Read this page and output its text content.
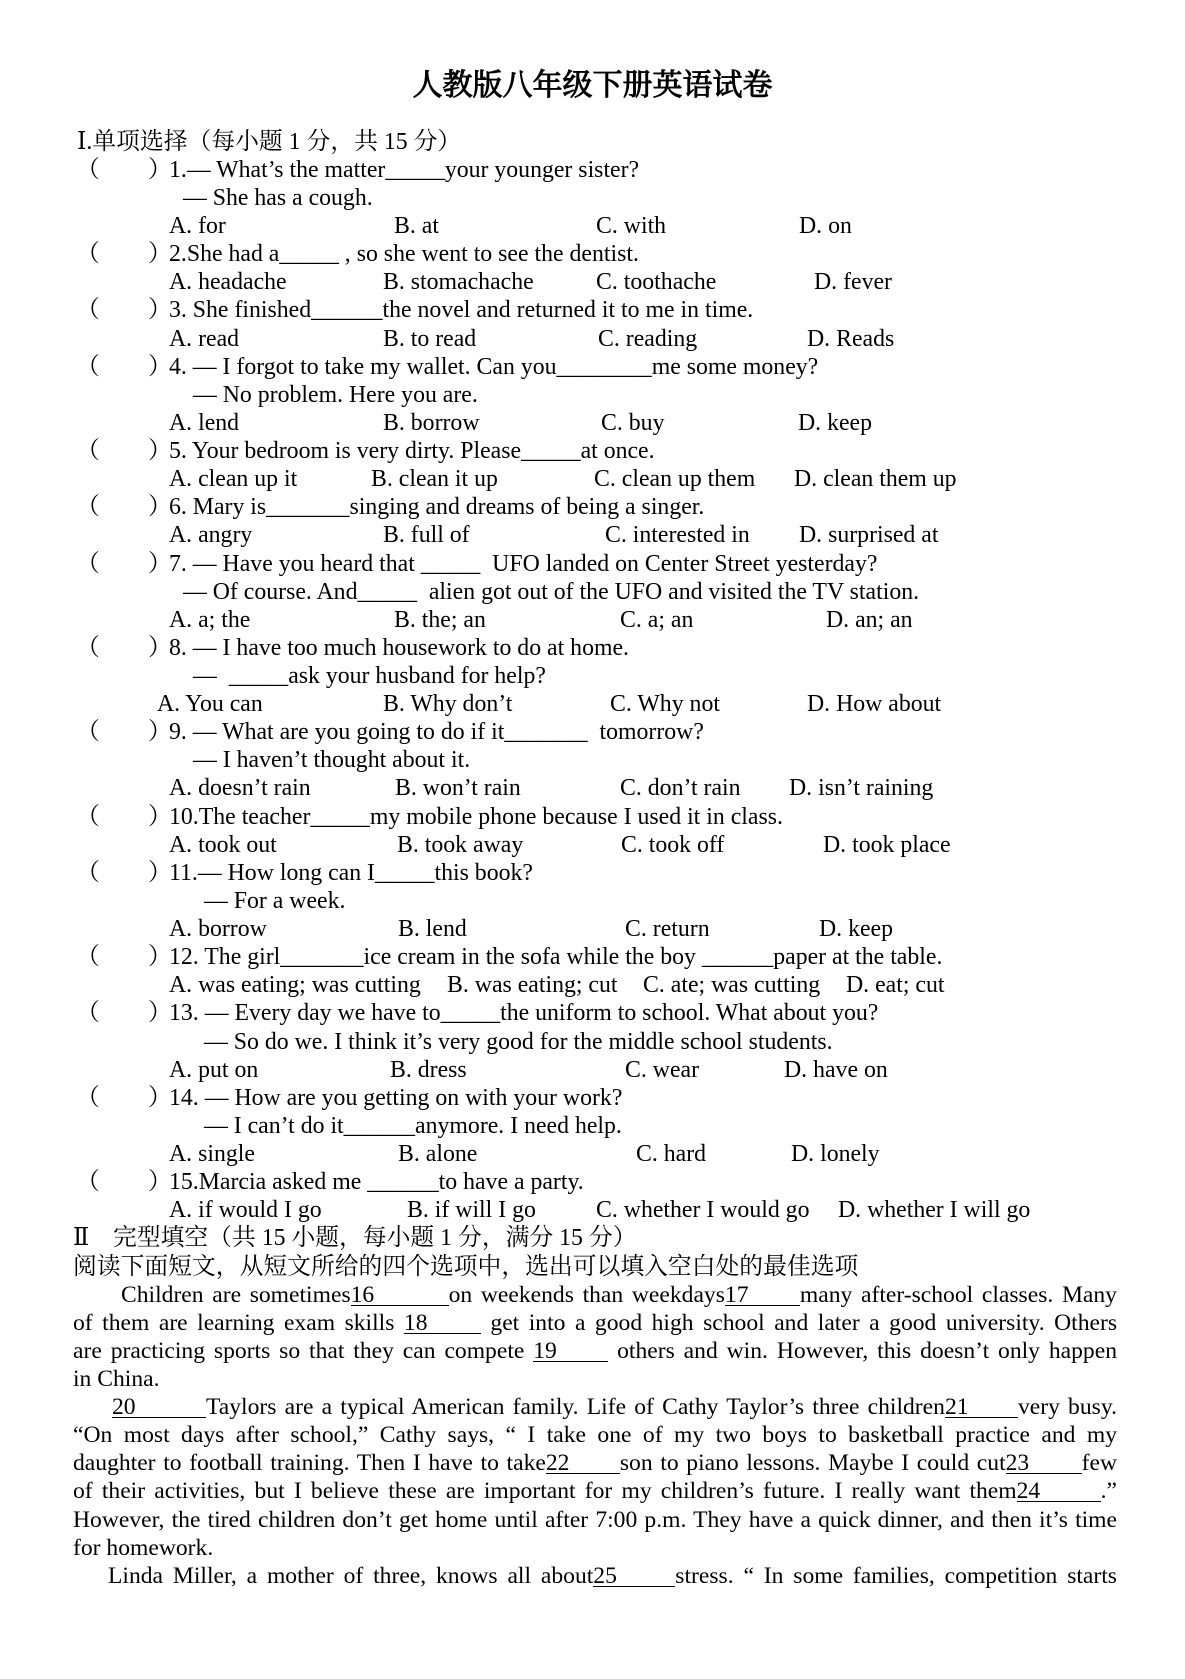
人教版八年级下册英语试卷
Ⅰ.单项选择（每小题 1 分，共 15 分）
（ ）
1.— What’s the matter_____your younger sister?
— She has a cough.
A. for	B. at	C. with	D. on
（ ）
2.She had a_____ , so she went to see the dentist.
A. headache	B. stomachache	C. toothache	D. fever
（ ）
3. She finished______the novel and returned it to me in time.
A. read	B. to read	C. reading	D. Reads
（ ）
4. — I forgot to take my wallet. Can you________me some money?
— No problem. Here you are.
A. lend	B. borrow	C. buy	D. keep
（ ）
5. Your bedroom is very dirty. Please_____at once.
A. clean up it	B. clean it up	C. clean up them D. clean them up
（ ）
6. Mary is_______singing and dreams of being a singer.
A. angry	B. full of	C. interested in D. surprised at
（ ）
7. — Have you heard that _____  UFO landed on Center Street yesterday?
— Of course. And_____  alien got out of the UFO and visited the TV station.
A. a; the	B. the; an	C. a; an	D. an; an
（ ）
8. — I have too much housework to do at home.
—  _____ask your husband for help?
A. You can	B. Why don’t	C. Why not	D. How about
（ ）
9. — What are you going to do if it_______  tomorrow?
— I haven’t thought about it.
A. doesn’t rain	B. won’t rain	C. don’t rain D. isn’t raining
（ ）
10.The teacher_____my mobile phone because I used it in class.
A. took out	B. took away	C. took off	D. took place
（ ）
11.— How long can I_____this book?
— For a week.
A. borrow	B. lend	C. return	D. keep
（ ）
12. The girl_______ice cream in the sofa while the boy ______paper at the table.
A. was eating; was cutting B. was eating; cut C. ate; was cutting D. eat; cut
（ ）
13. — Every day we have to_____the uniform to school. What about you?
— So do we. I think it’s very good for the middle school students.
A. put on	B. dress	C. wear	D. have on
（ ）
14. — How are you getting on with your work?
— I can’t do it______anymore. I need help.
A. single	B. alone	C. hard	D. lonely
（ ）
15.Marcia asked me ______to have a party.
A. if would I go	B. if will I go	C. whether I would go D. whether I will go
Ⅱ　完型填空（共 15 小题，每小题 1 分，满分 15 分）
阅读下面短文，从短文所给的四个选项中，选出可以填入空白处的最佳选项
Children are sometimes16	on weekends than weekdays17 many after-school classes. Many
of them are learning exam skills 18 get into a good high school and later a good university. Others
are practicing sports so that they can compete 19 others and win. However, this doesn’t only happen
in China.
20	Taylors are a typical American family. Life of Cathy Taylor’s three children21 very busy.
“On most days after school,” Cathy says, “ I take one of my two boys to basketball practice and my
daughter to football training. Then I have to take22 son to piano lessons. Maybe I could cut23 few
of their activities, but I believe these are important for my children’s future. I really want them24	.”
However, the tired children don’t get home until after 7:00 p.m. They have a quick dinner, and then it’s time
for homework.
Linda Miller, a mother of three, knows all about25 stress. “ In some families, competition starts
